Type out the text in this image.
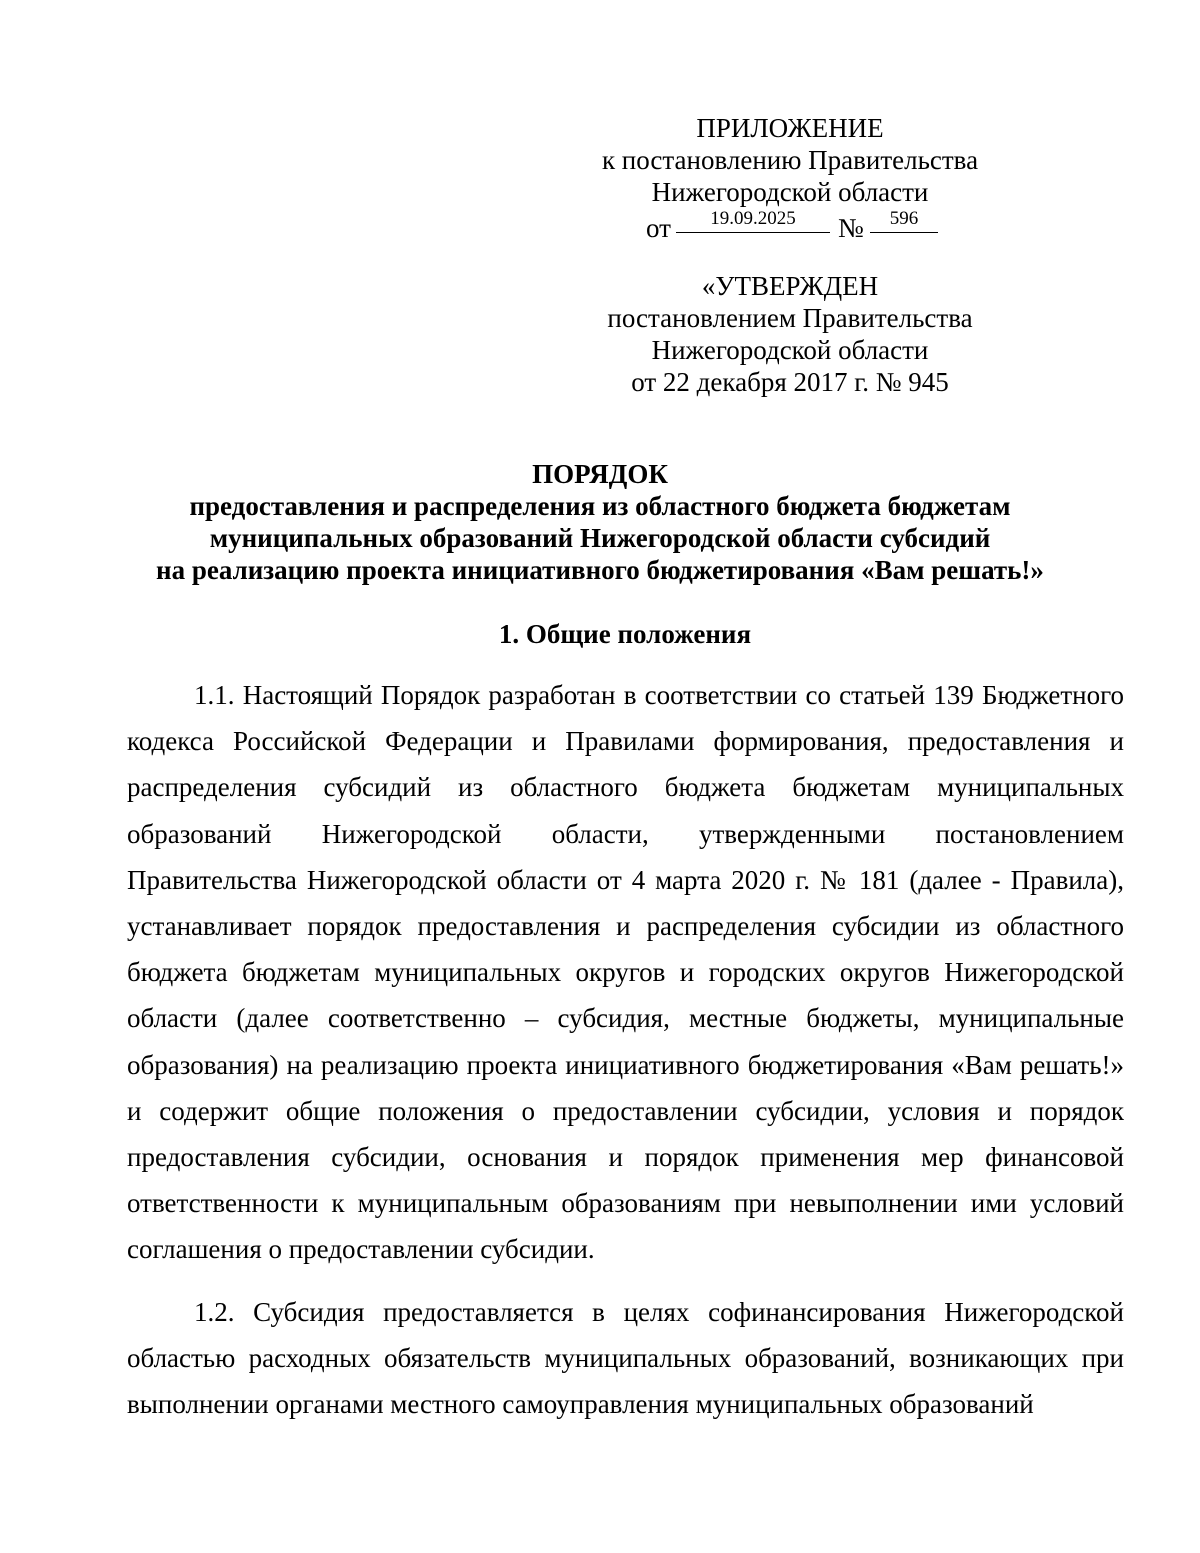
ПРИЛОЖЕНИЕ
к постановлению Правительства
Нижегородской области
от	19.09.2025	№	596
«УТВЕРЖДЕН
постановлением Правительства
Нижегородской области
от 22 декабря 2017 г. № 945
ПОРЯДОК
предоставления и распределения из областного бюджета бюджетам
муниципальных образований Нижегородской области субсидий
на реализацию проекта инициативного бюджетирования «Вам решать!»
1. Общие положения

1.1. Настоящий Порядок разработан в соответствии со статьей 139 Бюджетного кодекса Российской Федерации и Правилами формирования, предоставления и распределения субсидий из областного бюджета бюджетам муниципальных образований Нижегородской области, утвержденными постановлением Правительства Нижегородской области от 4 марта 2020 г. № 181 (далее - Правила), устанавливает порядок предоставления и распределения субсидии из областного бюджета бюджетам муниципальных округов и городских округов Нижегородской области (далее соответственно – субсидия, местные бюджеты, муниципальные образования) на реализацию проекта инициативного бюджетирования «Вам решать!» и содержит общие положения о предоставлении субсидии, условия и порядок предоставления субсидии, основания и порядок применения мер финансовой ответственности к муниципальным образованиям при невыполнении ими условий соглашения о предоставлении субсидии.

1.2. Субсидия предоставляется в целях софинансирования Нижегородской областью расходных обязательств муниципальных образований, возникающих при выполнении органами местного самоуправления муниципальных образований
